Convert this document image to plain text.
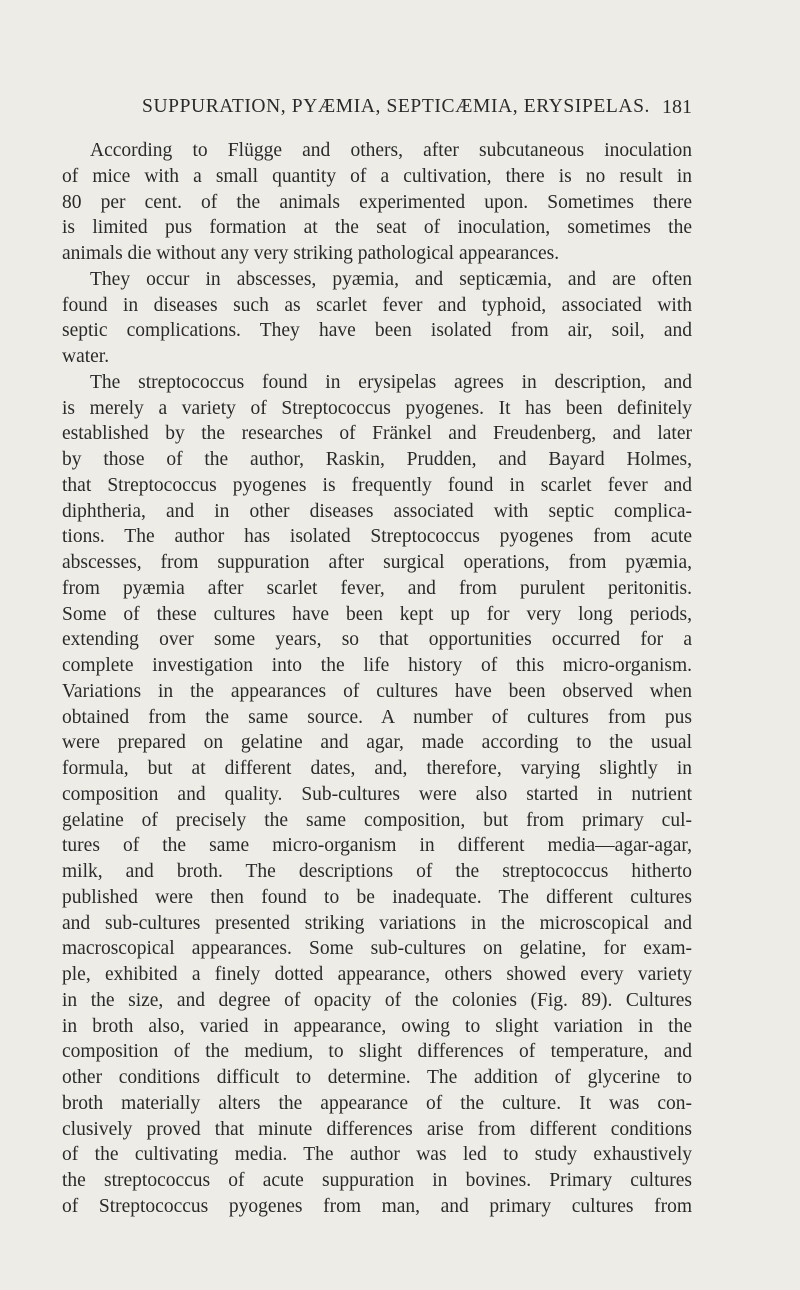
SUPPURATION, PYÆMIA, SEPTICÆMIA, ERYSIPELAS. 181
According to Flügge and others, after subcutaneous inoculation
of mice with a small quantity of a cultivation, there is no result in
80 per cent. of the animals experimented upon. Sometimes there
is limited pus formation at the seat of inoculation, sometimes the
animals die without any very striking pathological appearances.
They occur in abscesses, pyæmia, and septicæmia, and are often
found in diseases such as scarlet fever and typhoid, associated with
septic complications. They have been isolated from air, soil, and
water.
The streptococcus found in erysipelas agrees in description, and
is merely a variety of Streptococcus pyogenes. It has been definitely
established by the researches of Fränkel and Freudenberg, and later
by those of the author, Raskin, Prudden, and Bayard Holmes,
that Streptococcus pyogenes is frequently found in scarlet fever and
diphtheria, and in other diseases associated with septic complica-
tions. The author has isolated Streptococcus pyogenes from acute
abscesses, from suppuration after surgical operations, from pyæmia,
from pyæmia after scarlet fever, and from purulent peritonitis.
Some of these cultures have been kept up for very long periods,
extending over some years, so that opportunities occurred for a
complete investigation into the life history of this micro-organism.
Variations in the appearances of cultures have been observed when
obtained from the same source. A number of cultures from pus
were prepared on gelatine and agar, made according to the usual
formula, but at different dates, and, therefore, varying slightly in
composition and quality. Sub-cultures were also started in nutrient
gelatine of precisely the same composition, but from primary cul-
tures of the same micro-organism in different media—agar-agar,
milk, and broth. The descriptions of the streptococcus hitherto
published were then found to be inadequate. The different cultures
and sub-cultures presented striking variations in the microscopical and
macroscopical appearances. Some sub-cultures on gelatine, for exam-
ple, exhibited a finely dotted appearance, others showed every variety
in the size, and degree of opacity of the colonies (Fig. 89). Cultures
in broth also, varied in appearance, owing to slight variation in the
composition of the medium, to slight differences of temperature, and
other conditions difficult to determine. The addition of glycerine to
broth materially alters the appearance of the culture. It was con-
clusively proved that minute differences arise from different conditions
of the cultivating media. The author was led to study exhaustively
the streptococcus of acute suppuration in bovines. Primary cultures
of Streptococcus pyogenes from man, and primary cultures from
